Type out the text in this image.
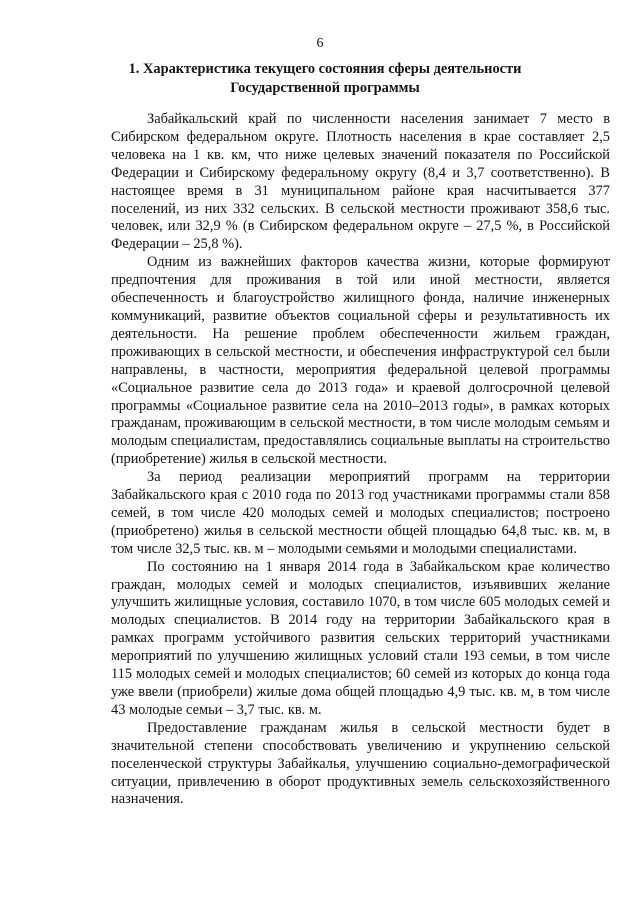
6
1. Характеристика текущего состояния сферы деятельности
Государственной программы

Забайкальский край по численности населения занимает 7 место в Сибирском федеральном округе. Плотность населения в крае составляет 2,5 человека на 1 кв. км, что ниже целевых значений показателя по Российской Федерации и Сибирскому федеральному округу (8,4 и 3,7 соответственно). В настоящее время в 31 муниципальном районе края насчитывается 377 поселений, из них 332 сельских. В сельской местности проживают 358,6 тыс. человек, или 32,9 % (в Сибирском федеральном округе – 27,5 %, в Российской Федерации – 25,8 %).

Одним из важнейших факторов качества жизни, которые формируют предпочтения для проживания в той или иной местности, является обеспеченность и благоустройство жилищного фонда, наличие инженерных коммуникаций, развитие объектов социальной сферы и результативность их деятельности. На решение проблем обеспеченности жильем граждан, проживающих в сельской местности, и обеспечения инфраструктурой сел были направлены, в частности, мероприятия федеральной целевой программы «Социальное развитие села до 2013 года» и краевой долгосрочной целевой программы «Социальное развитие села на 2010–2013 годы», в рамках которых гражданам, проживающим в сельской местности, в том числе молодым семьям и молодым специалистам, предоставлялись социальные выплаты на строительство (приобретение) жилья в сельской местности.

За период реализации мероприятий программ на территории Забайкальского края с 2010 года по 2013 год участниками программы стали 858 семей, в том числе 420 молодых семей и молодых специалистов; построено (приобретено) жилья в сельской местности общей площадью 64,8 тыс. кв. м, в том числе 32,5 тыс. кв. м – молодыми семьями и молодыми специалистами.

По состоянию на 1 января 2014 года в Забайкальском крае количество граждан, молодых семей и молодых специалистов, изъявивших желание улучшить жилищные условия, составило 1070, в том числе 605 молодых семей и молодых специалистов. В 2014 году на территории Забайкальского края в рамках программ устойчивого развития сельских территорий участниками мероприятий по улучшению жилищных условий стали 193 семьи, в том числе 115 молодых семей и молодых специалистов; 60 семей из которых до конца года уже ввели (приобрели) жилые дома общей площадью 4,9 тыс. кв. м, в том числе 43 молодые семьи – 3,7 тыс. кв. м.

Предоставление гражданам жилья в сельской местности будет в значительной степени способствовать увеличению и укрупнению сельской поселенческой структуры Забайкалья, улучшению социально-демографической ситуации, привлечению в оборот продуктивных земель сельскохозяйственного назначения.
